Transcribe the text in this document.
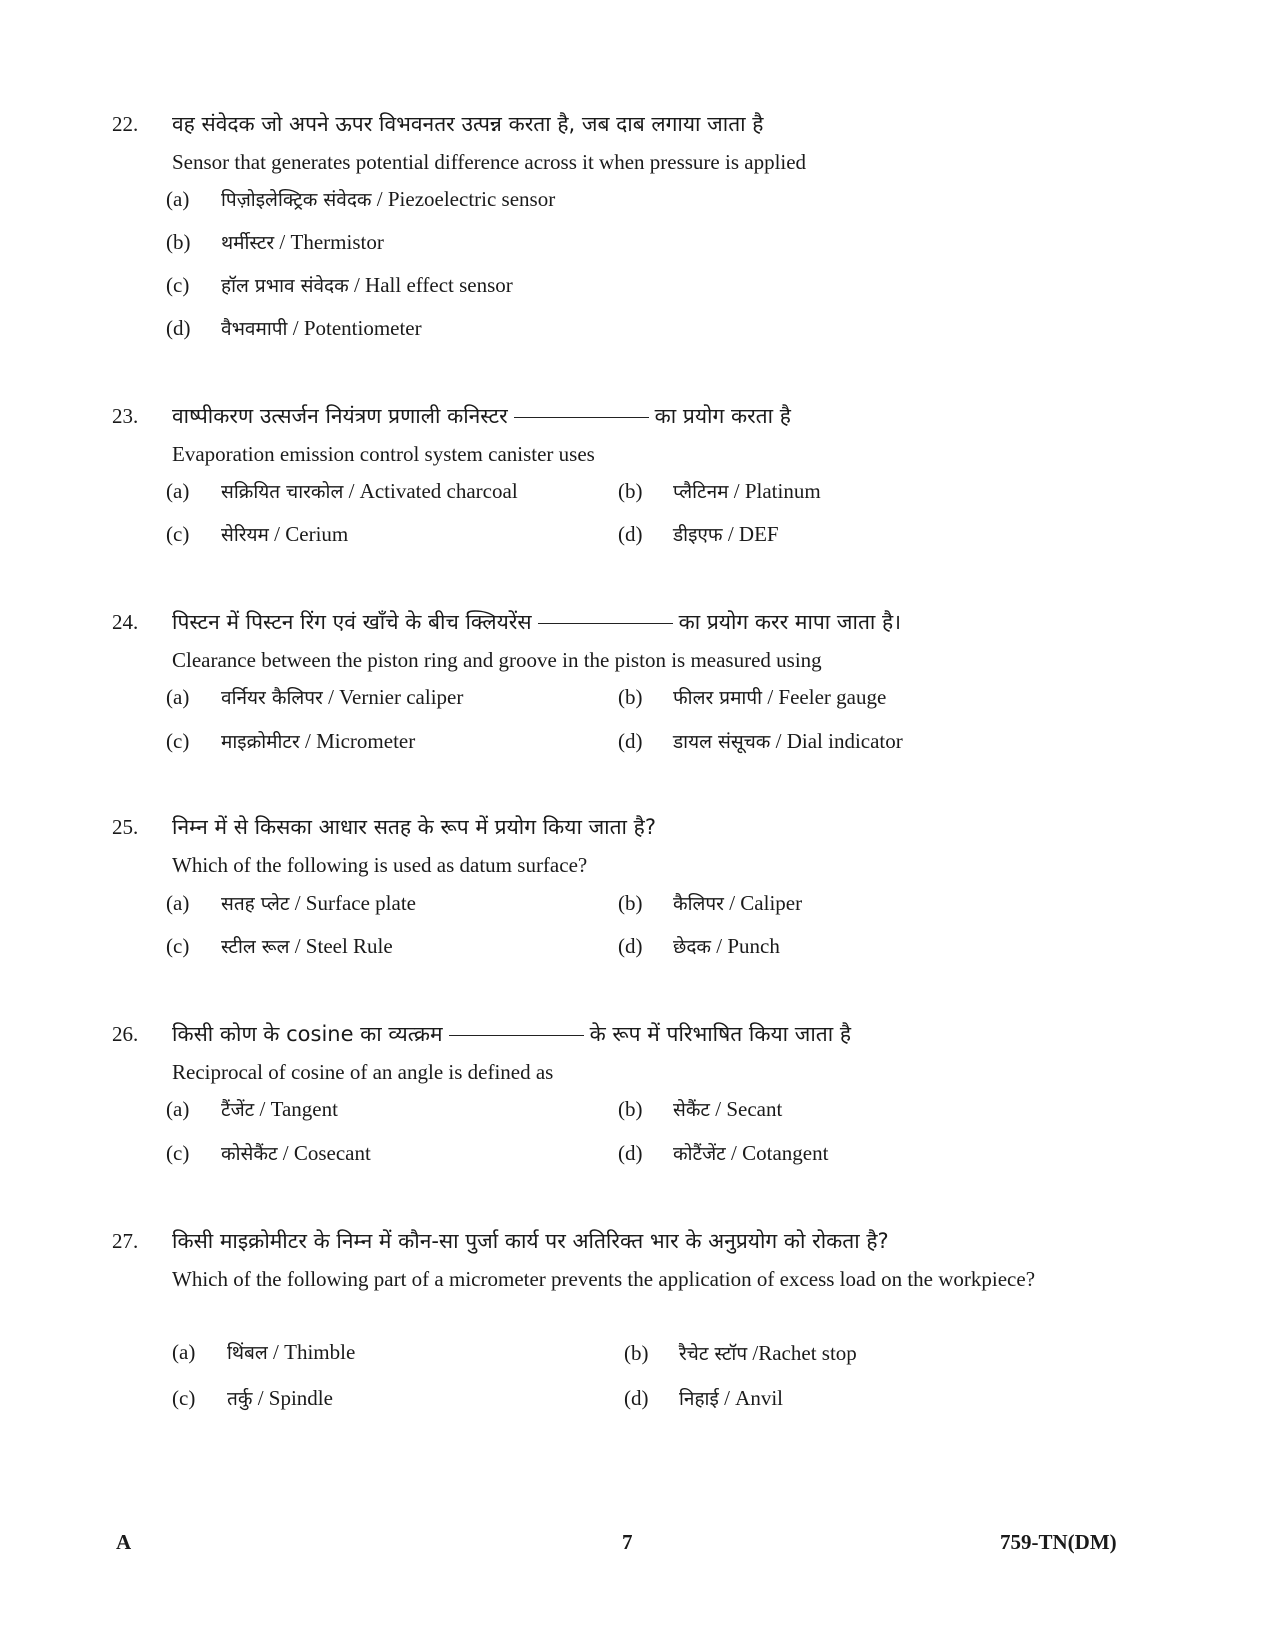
22. वह संवेदक जो अपने ऊपर विभवनतर उत्पन्न करता है, जब दाब लगाया जाता है
Sensor that generates potential difference across it when pressure is applied
(a) पिज़ोइलेक्ट्रिक संवेदक / Piezoelectric sensor
(b) थर्मीस्टर / Thermistor
(c) हॉल प्रभाव संवेदक / Hall effect sensor
(d) वैभवमापी / Potentiometer
23. वाष्पीकरण उत्सर्जन नियंत्रण प्रणाली कनिस्टर	का प्रयोग करता है
Evaporation emission control system canister uses
(a) सक्रियित चारकोल / Activated charcoal	(b) प्लैटिनम / Platinum
(c) सेरियम / Cerium	(d) डीइएफ / DEF
24. पिस्टन में पिस्टन रिंग एवं खाँचे के बीच क्लियरेंस	का प्रयोग करर मापा जाता है।
Clearance between the piston ring and groove in the piston is measured using
(a) वर्नियर कैलिपर / Vernier caliper	(b) फीलर प्रमापी / Feeler gauge
(c) माइक्रोमीटर / Micrometer	(d) डायल संसूचक / Dial indicator
25. निम्न में से किसका आधार सतह के रूप में प्रयोग किया जाता है?
Which of the following is used as datum surface?
(a) सतह प्लेट / Surface plate	(b) कैलिपर / Caliper
(c) स्टील रूल / Steel Rule	(d) छेदक / Punch
26. किसी कोण के cosine का व्यत्क्रम	के रूप में परिभाषित किया जाता है
Reciprocal of cosine of an angle is defined as
(a) टैंजेंट / Tangent	(b) सेकैंट / Secant
(c) कोसेकैंट / Cosecant	(d) कोटैंजेंट / Cotangent
27. किसी माइक्रोमीटर के निम्न में कौन-सा पुर्जा कार्य पर अतिरिक्त भार के अनुप्रयोग को रोकता है?
Which of the following part of a micrometer prevents the application of excess load on the workpiece?
(a) थिंबल / Thimble	(b) रैचेट स्टॉप /Rachet stop
(c) तर्कु / Spindle	(d) निहाई / Anvil
A	7	759-TN(DM)
